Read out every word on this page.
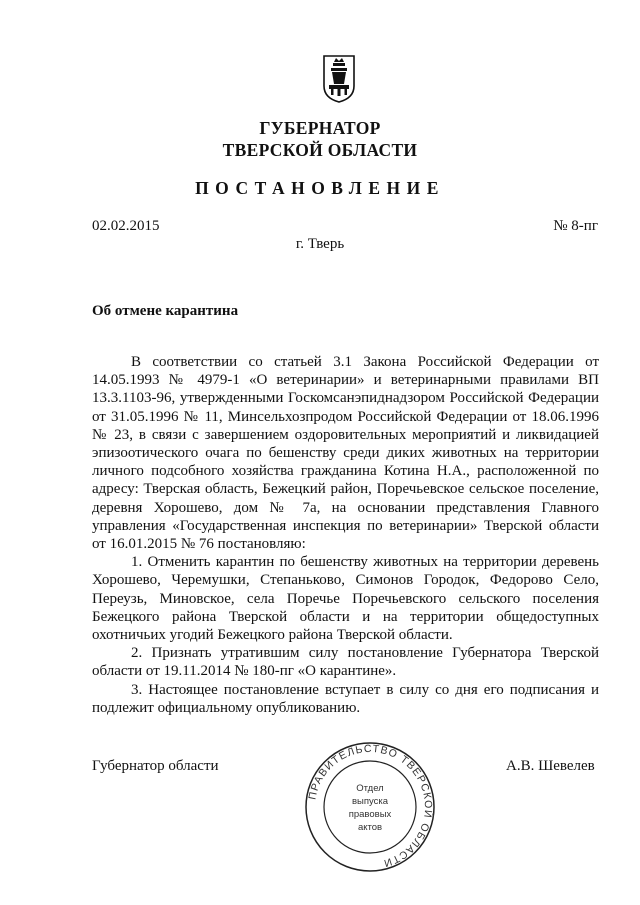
ГУБЕРНАТОР
ТВЕРСКОЙ ОБЛАСТИ
ПОСТАНОВЛЕНИЕ
02.02.2015	№ 8-пг
г. Тверь
Об отмене карантина

В соответствии со статьей 3.1 Закона Российской Федерации от 14.05.1993 № 4979-1 «О ветеринарии» и ветеринарными правилами ВП 13.3.1103-96, утвержденными Госкомсанэпиднадзором Российской Федерации от 31.05.1996 № 11, Минсельхозпродом Российской Федерации от 18.06.1996 № 23, в связи с завершением оздоровительных мероприятий и ликвидацией эпизоотического очага по бешенству среди диких животных на территории личного подсобного хозяйства гражданина Котина Н.А., расположенной по адресу: Тверская область, Бежецкий район, Поречьевское сельское поселение, деревня Хорошево, дом № 7а, на основании представления Главного управления «Государственная инспекция по ветеринарии» Тверской области от 16.01.2015 № 76 постановляю:

1. Отменить карантин по бешенству животных на территории деревень Хорошево, Черемушки, Степаньково, Симонов Городок, Федорово Село, Переузь, Миновское, села Поречье Поречьевского сельского поселения Бежецкого района Тверской области и на территории общедоступных охотничьих угодий Бежецкого района Тверской области.

2. Признать утратившим силу постановление Губернатора Тверской области от 19.11.2014 № 180-пг «О карантине».

3. Настоящее постановление вступает в силу со дня его подписания и подлежит официальному опубликованию.

Губернатор области	А.В. Шевелев
ПРАВИТЕЛЬСТВО ТВЕРСКОЙ ОБЛАСТИ
Отдел
выпуска
правовых
актов
